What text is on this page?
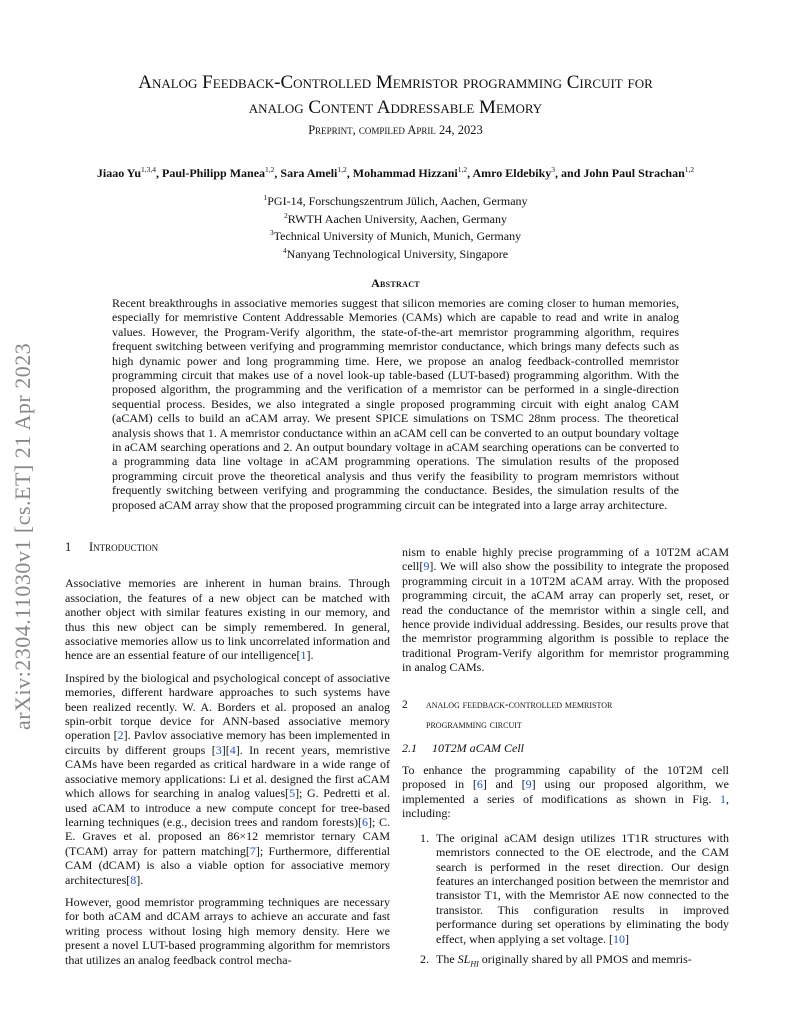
arXiv:2304.11030v1 [cs.ET] 21 Apr 2023
Analog Feedback-Controlled Memristor programming Circuit for
analog Content Addressable Memory
Preprint, compiled April 24, 2023
Jiaao Yu$^{1,3,4}$, Paul-Philipp Manea$^{1,2}$, Sara Ameli$^{1,2}$, Mohammad Hizzani$^{1,2}$, Amro Eldebiky$^3$, and John Paul Strachan$^{1,2}$
$^1$PGI-14, Forschungszentrum Jülich, Aachen, Germany
$^2$RWTH Aachen University, Aachen, Germany
$^3$Technical University of Munich, Munich, Germany
$^4$Nanyang Technological University, Singapore
Abstract
Recent breakthroughs in associative memories suggest that silicon memories are coming closer to human memories, especially for memristive Content Addressable Memories (CAMs) which are capable to read and write in analog values. However, the Program-Verify algorithm, the state-of-the-art memristor programming algorithm, requires frequent switching between verifying and programming memristor conductance, which brings many defects such as high dynamic power and long programming time. Here, we propose an analog feedback-controlled memristor programming circuit that makes use of a novel look-up table-based (LUT-based) programming algorithm. With the proposed algorithm, the programming and the verification of a memristor can be performed in a single-direction sequential process. Besides, we also integrated a single proposed programming circuit with eight analog CAM (aCAM) cells to build an aCAM array. We present SPICE simulations on TSMC 28nm process. The theoretical analysis shows that 1. A memristor conductance within an aCAM cell can be converted to an output boundary voltage in aCAM searching operations and 2. An output boundary voltage in aCAM searching operations can be converted to a programming data line voltage in aCAM programming operations. The simulation results of the proposed programming circuit prove the theoretical analysis and thus verify the feasibility to program memristors without frequently switching between verifying and programming the conductance. Besides, the simulation results of the proposed aCAM array show that the proposed programming circuit can be integrated into a large array architecture.
1 Introduction

Associative memories are inherent in human brains. Through association, the features of a new object can be matched with another object with similar features existing in our memory, and thus this new object can be simply remembered. In general, associative memories allow us to link uncorrelated information and hence are an essential feature of our intelligence[1].

Inspired by the biological and psychological concept of associative memories, different hardware approaches to such systems have been realized recently. W. A. Borders et al. proposed an analog spin-orbit torque device for ANN-based associative memory operation [2]. Pavlov associative memory has been implemented in circuits by different groups [3][4]. In recent years, memristive CAMs have been regarded as critical hardware in a wide range of associative memory applications: Li et al. designed the first aCAM which allows for searching in analog values[5]; G. Pedretti et al. used aCAM to introduce a new compute concept for tree-based learning techniques (e.g., decision trees and random forests)[6]; C. E. Graves et al. proposed an 86×12 memristor ternary CAM (TCAM) array for pattern matching[7]; Furthermore, differential CAM (dCAM) is also a viable option for associative memory architectures[8].

However, good memristor programming techniques are necessary for both aCAM and dCAM arrays to achieve an accurate and fast writing process without losing high memory density. Here we present a novel LUT-based programming algorithm for memristors that utilizes an analog feedback control mecha-

nism to enable highly precise programming of a 10T2M aCAM cell[9]. We will also show the possibility to integrate the proposed programming circuit in a 10T2M aCAM array. With the proposed programming circuit, the aCAM array can properly set, reset, or read the conductance of the memristor within a single cell, and hence provide individual addressing. Besides, our results prove that the memristor programming algorithm is possible to replace the traditional Program-Verify algorithm for memristor programming in analog CAMs.

2	analog feedback-controlled memristor
programming circuit
2.1 10T2M aCAM Cell

To enhance the programming capability of the 10T2M cell proposed in [6] and [9] using our proposed algorithm, we implemented a series of modifications as shown in Fig. 1, including:

1. The original aCAM design utilizes 1T1R structures with memristors connected to the OE electrode, and the CAM search is performed in the reset direction. Our design features an interchanged position between the memristor and transistor T1, with the Memristor AE now connected to the transistor. This configuration results in improved performance during set operations by eliminating the body effect, when applying a set voltage. [10]
2. The $SL_{HI}$ originally shared by all PMOS and memris-
